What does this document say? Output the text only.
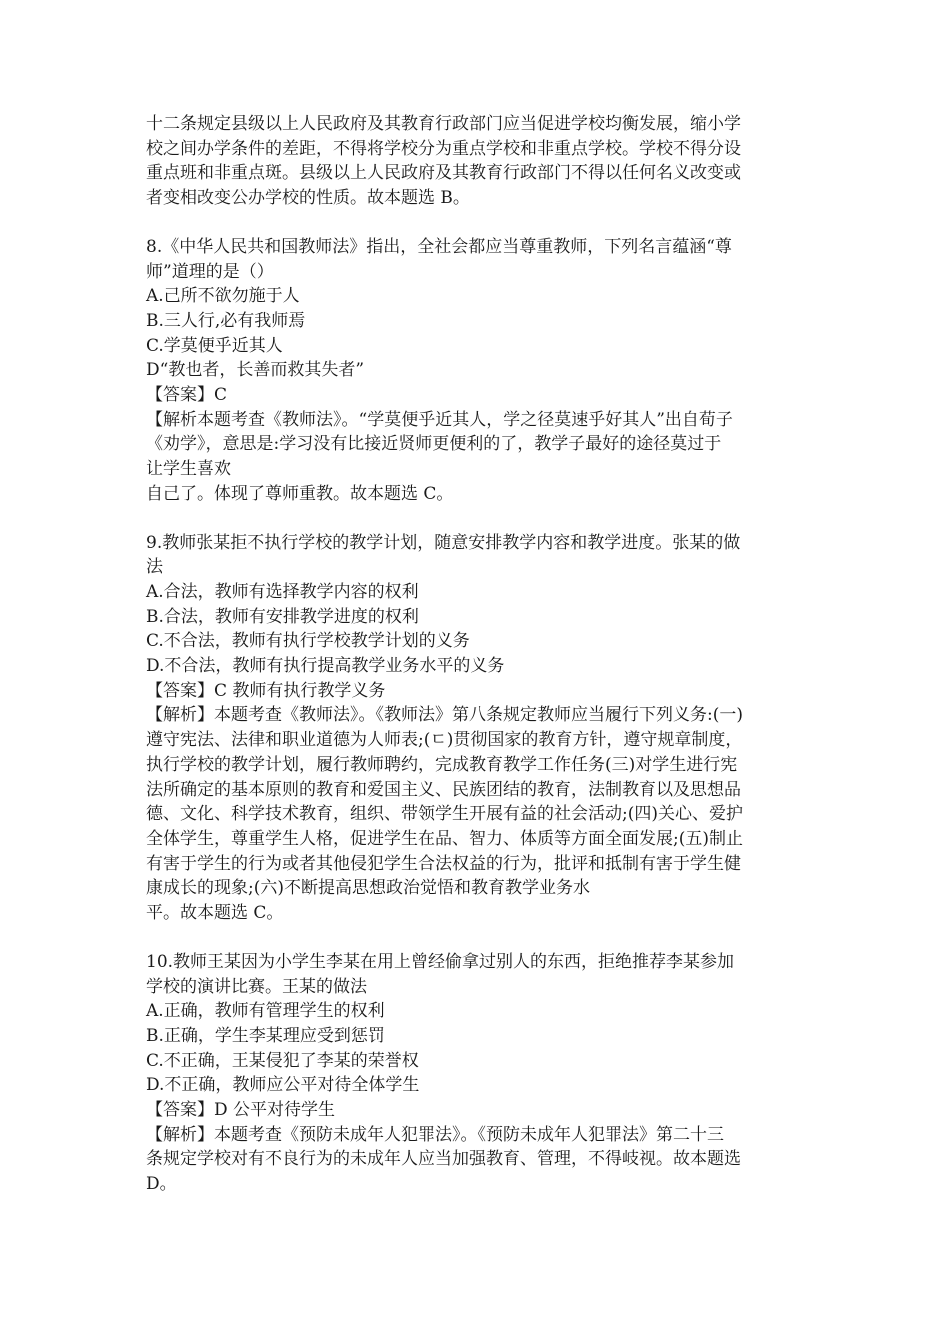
十二条规定县级以上人民政府及其教育行政部门应当促进学校均衡发展，缩小学

校之间办学条件的差距，不得将学校分为重点学校和非重点学校。学校不得分设

重点班和非重点斑。县级以上人民政府及其教育行政部门不得以任何名义改变或

者变相改变公办学校的性质。故本题选 B。

8.《中华人民共和国教师法》指出，全社会都应当尊重教师，下列名言蕴涵“尊

师”道理的是（）

A.己所不欲勿施于人

B.三人行,必有我师焉

C.学莫便乎近其人

D“教也者，长善而救其失者”

【答案】C

【解析本题考查《教师法》。“学莫便乎近其人，学之径莫速乎好其人”出自荀子

《劝学》，意思是:学习没有比接近贤师更便利的了，教学子最好的途径莫过于

让学生喜欢

自己了。体现了尊师重教。故本题选 C。

9.教师张某拒不执行学校的教学计划，随意安排教学内容和教学进度。张某的做

法

A.合法，教师有选择教学内容的权利

B.合法，教师有安排教学进度的权利

C.不合法，教师有执行学校教学计划的义务

D.不合法，教师有执行提高教学业务水平的义务

【答案】C 教师有执行教学义务

【解析】本题考查《教师法》。《教师法》第八条规定教师应当履行下列义务:(一)

遵守宪法、法律和职业道德为人师表;(ㄷ)贯彻国家的教育方针，遵守规章制度，

执行学校的教学计划，履行教师聘约，完成教育教学工作任务(三)对学生进行宪

法所确定的基本原则的教育和爱国主义、民族团结的教育，法制教育以及思想品

德、文化、科学技术教育，组织、带领学生开展有益的社会活动;(四)关心、爱护

全体学生，尊重学生人格，促进学生在品、智力、体质等方面全面发展;(五)制止

有害于学生的行为或者其他侵犯学生合法权益的行为，批评和抵制有害于学生健

康成长的现象;(六)不断提高思想政治觉悟和教育教学业务水

平。故本题选 C。

10.教师王某因为小学生李某在用上曾经偷拿过别人的东西，拒绝推荐李某参加

学校的演讲比赛。王某的做法

A.正确，教师有管理学生的权利

B.正确，学生李某理应受到惩罚

C.不正确，王某侵犯了李某的荣誉权

D.不正确，教师应公平对待全体学生

【答案】D 公平对待学生

【解析】本题考查《预防未成年人犯罪法》。《预防未成年人犯罪法》第二十三

条规定学校对有不良行为的未成年人应当加强教育、管理，不得岐视。故本题选

D。
